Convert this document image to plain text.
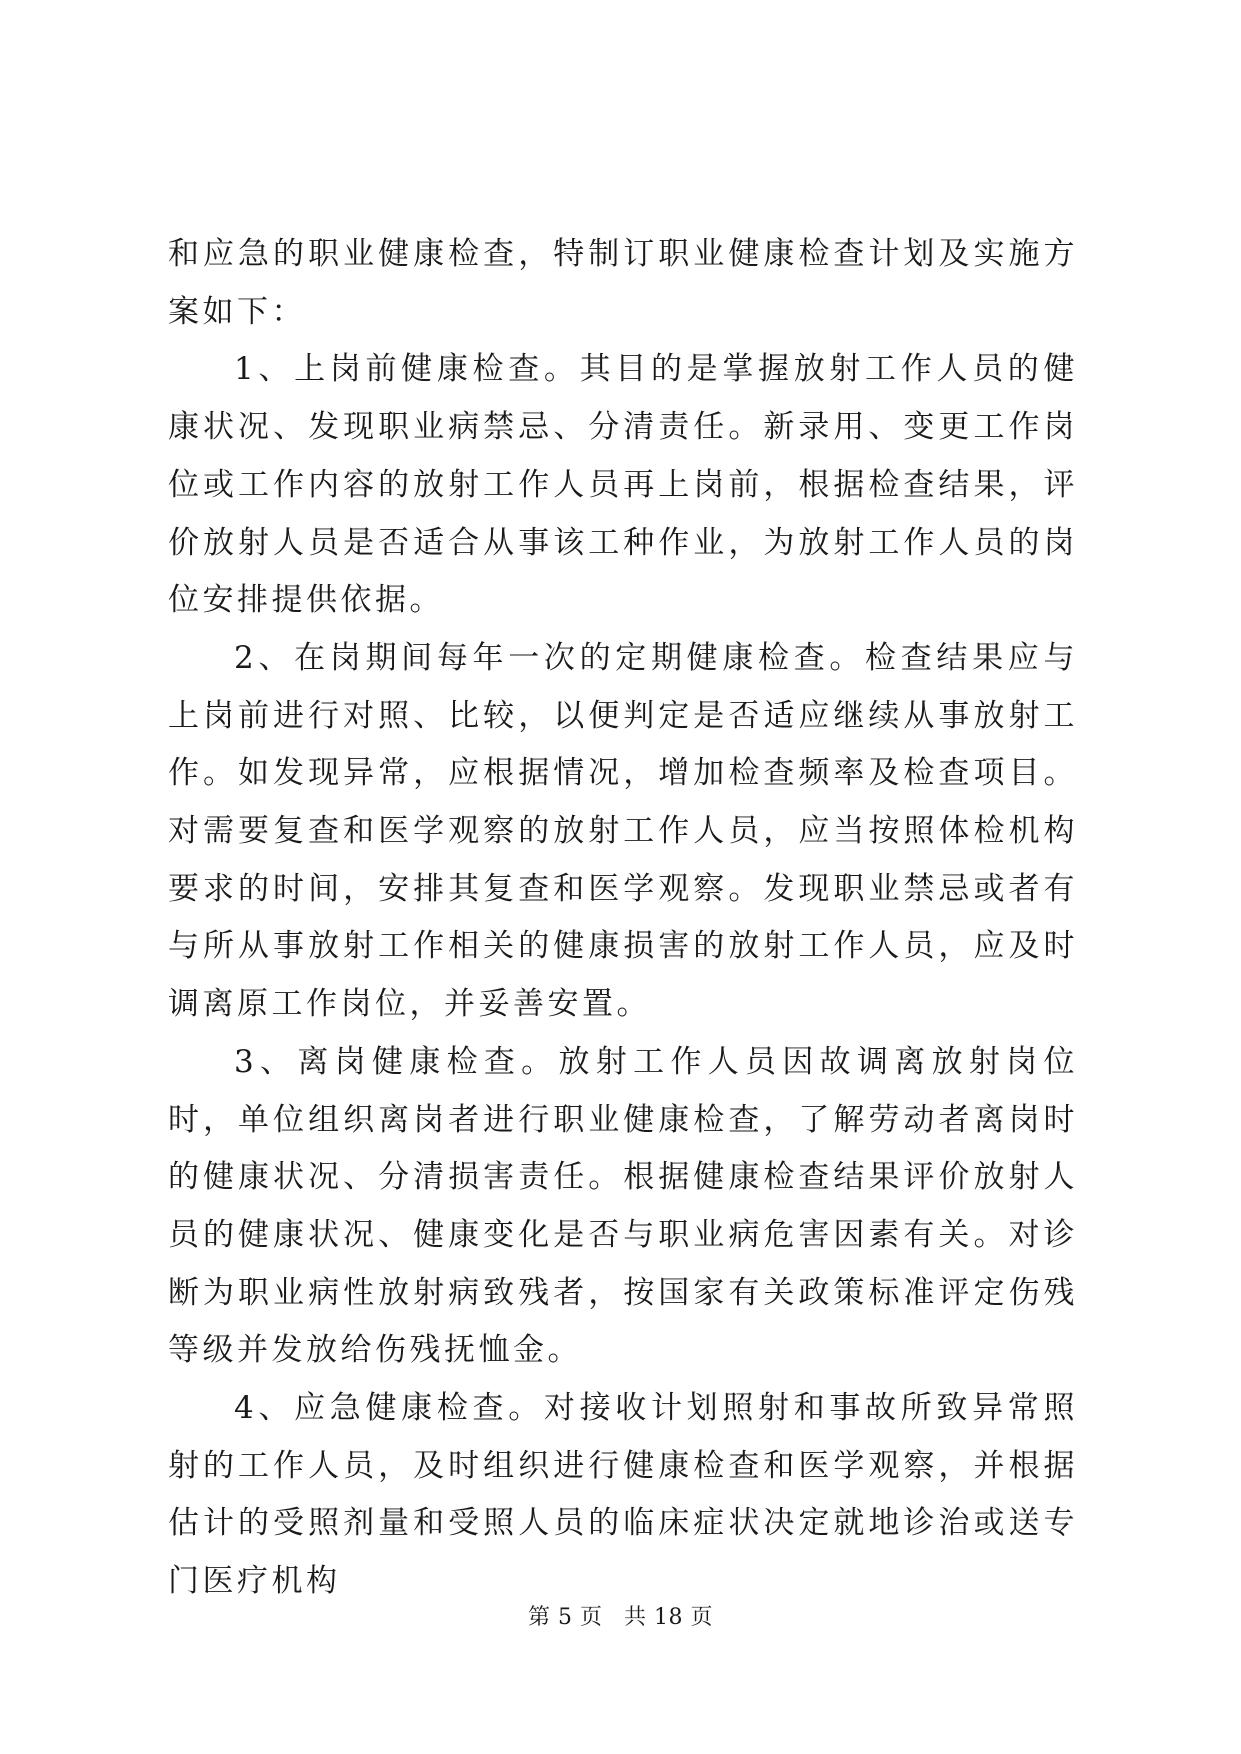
和应急的职业健康检查，特制订职业健康检查计划及实施方案如下：

1、上岗前健康检查。其目的是掌握放射工作人员的健康状况、发现职业病禁忌、分清责任。新录用、变更工作岗位或工作内容的放射工作人员再上岗前，根据检查结果，评价放射人员是否适合从事该工种作业，为放射工作人员的岗位安排提供依据。

2、在岗期间每年一次的定期健康检查。检查结果应与上岗前进行对照、比较，以便判定是否适应继续从事放射工作。如发现异常，应根据情况，增加检查频率及检查项目。对需要复查和医学观察的放射工作人员，应当按照体检机构要求的时间，安排其复查和医学观察。发现职业禁忌或者有与所从事放射工作相关的健康损害的放射工作人员，应及时调离原工作岗位，并妥善安置。

3、离岗健康检查。放射工作人员因故调离放射岗位时，单位组织离岗者进行职业健康检查，了解劳动者离岗时的健康状况、分清损害责任。根据健康检查结果评价放射人员的健康状况、健康变化是否与职业病危害因素有关。对诊断为职业病性放射病致残者，按国家有关政策标准评定伤残等级并发放给伤残抚恤金。

4、应急健康检查。对接收计划照射和事故所致异常照射的工作人员，及时组织进行健康检查和医学观察，并根据估计的受照剂量和受照人员的临床症状决定就地诊治或送专门医疗机构

第 5 页 共 18 页
